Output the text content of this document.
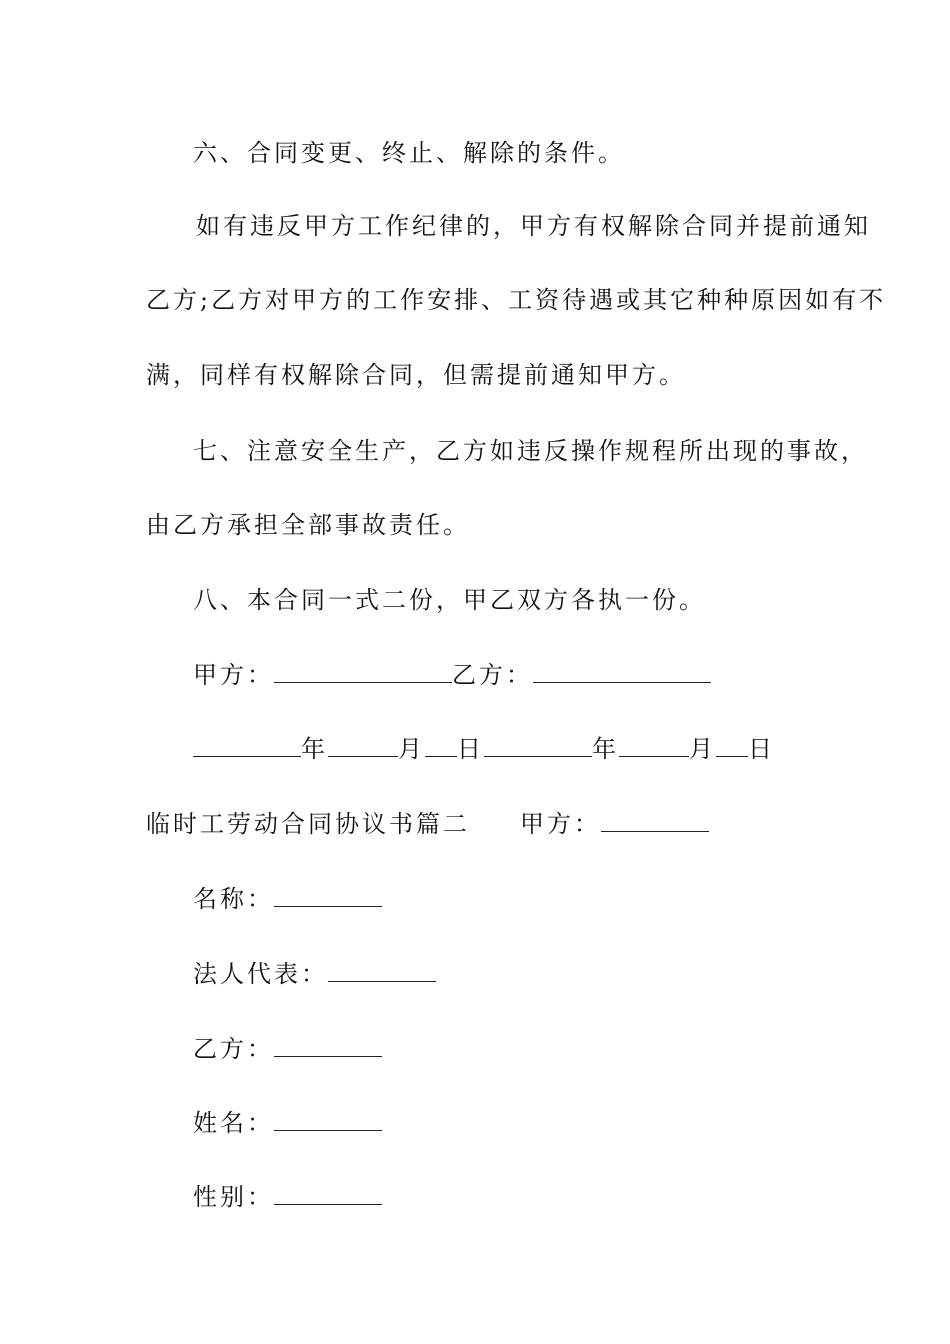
六、合同变更、终止、解除的条件。
如有违反甲方工作纪律的，甲方有权解除合同并提前通知
乙方;乙方对甲方的工作安排、工资待遇或其它种种原因如有不
满，同样有权解除合同，但需提前通知甲方。
七、注意安全生产，乙方如违反操作规程所出现的事故，
由乙方承担全部事故责任。
八、本合同一式二份，甲乙双方各执一份。
甲方：	乙方：
年	月 日	年	月 日
临时工劳动合同协议书篇二 甲方：
名称：
法人代表：
乙方：
姓名：
性别：
